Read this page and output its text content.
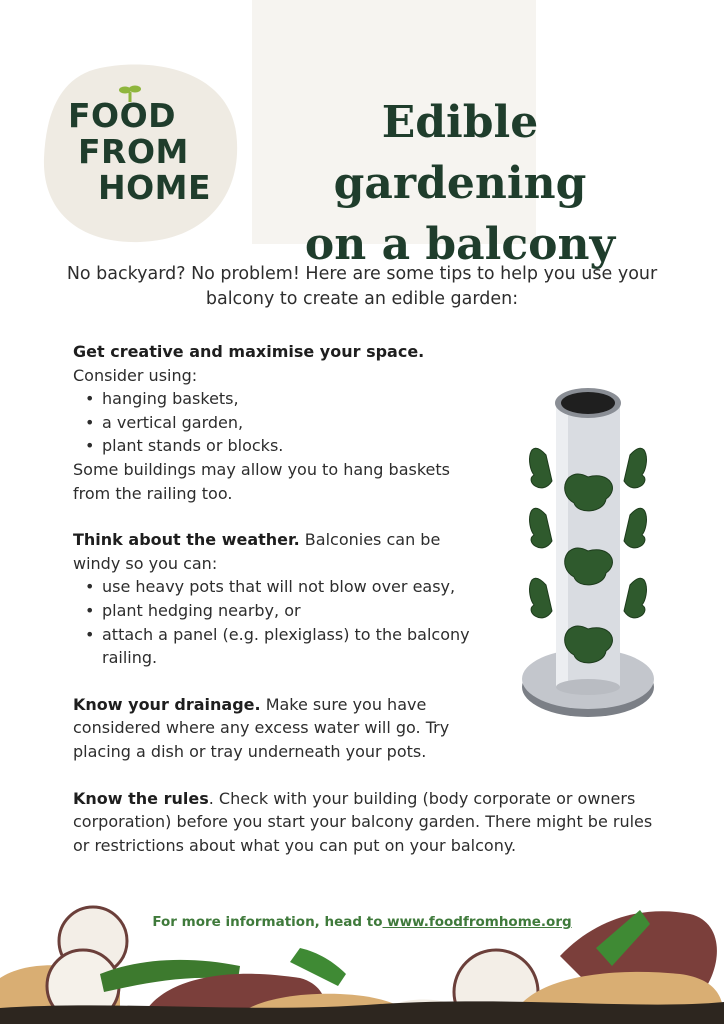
FOOD
FROM
HOME
Edible gardening
on a balcony

No backyard? No problem! Here are some tips to help you use your balcony to create an edible garden:

Get creative and maximise your space. Consider using:
• hanging baskets,
• a vertical garden,
• plant stands or blocks.
Some buildings may allow you to hang baskets from the railing too.
Think about the weather. Balconies can be windy so you can:
• use heavy pots that will not blow over easy,
• plant hedging nearby, or
• attach a panel (e.g. plexiglass) to the balcony railing.
Know your drainage. Make sure you have considered where any excess water will go. Try placing a dish or tray underneath your pots.
Know the rules. Check with your building (body corporate or owners corporation) before you start your balcony garden. There might be rules or restrictions about what you can put on your balcony.
For more information, head to www.foodfromhome.org
